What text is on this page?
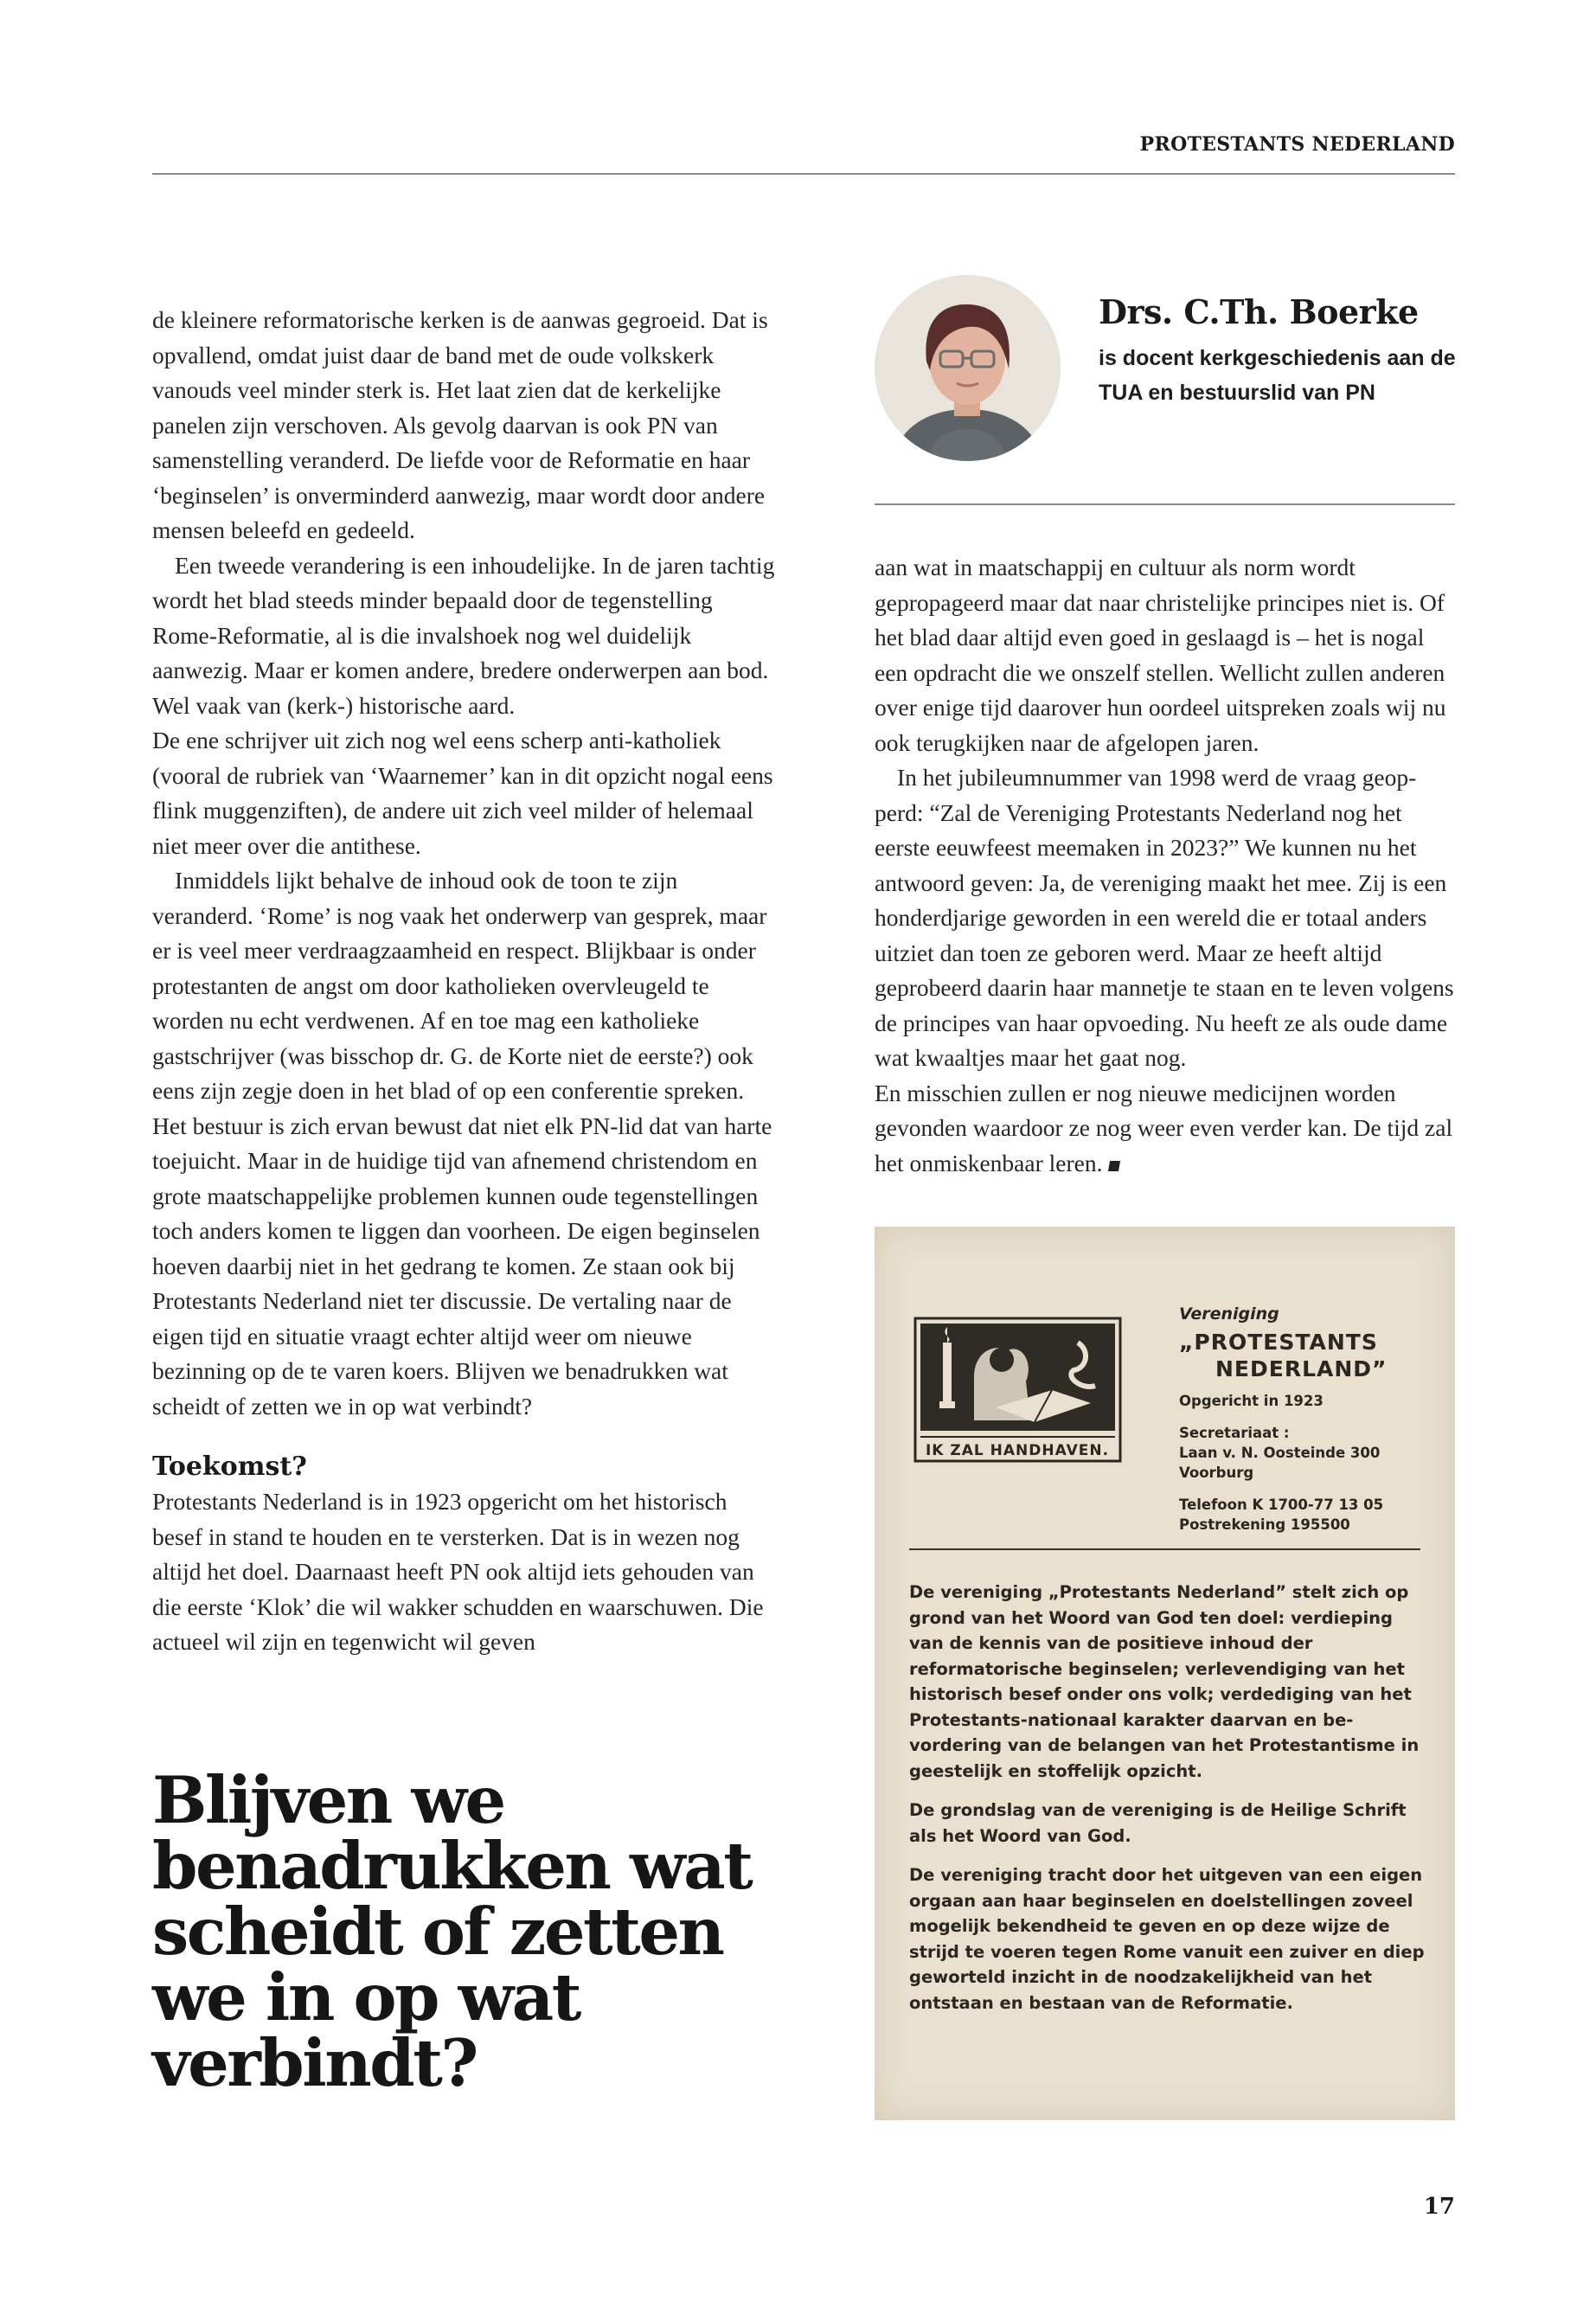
PROTESTANTS NEDERLAND

de kleinere reformatorische kerken is de aanwas gegroeid. Dat is opvallend, omdat juist daar de band met de oude volkskerk vanouds veel minder sterk is. Het laat zien dat de kerkelijke panelen zijn verschoven. Als gevolg daarvan is ook PN van samenstelling veranderd. De liefde voor de Reformatie en haar ‘beginselen’ is onverminderd aanwezig, maar wordt door andere mensen beleefd en gedeeld.

Een tweede verandering is een inhoudelijke. In de jaren tachtig wordt het blad steeds minder bepaald door de tegenstelling Rome-Reformatie, al is die invalshoek nog wel duidelijk aanwezig. Maar er komen andere, bredere onderwerpen aan bod. Wel vaak van (kerk-) historische aard.

De ene schrijver uit zich nog wel eens scherp anti-katholiek (vooral de rubriek van ‘Waarnemer’ kan in dit opzicht nogal eens flink muggenziften), de andere uit zich veel milder of helemaal niet meer over die antithese.

Inmiddels lijkt behalve de inhoud ook de toon te zijn veranderd. ‘Rome’ is nog vaak het onderwerp van gesprek, maar er is veel meer verdraagzaamheid en respect. Blijkbaar is onder protestanten de angst om door katholieken overvleugeld te worden nu echt verdwenen. Af en toe mag een katholieke gastschrijver (was bisschop dr. G. de Korte niet de eerste?) ook eens zijn zegje doen in het blad of op een conferentie spreken. Het bestuur is zich ervan bewust dat niet elk PN-lid dat van harte toejuicht. Maar in de huidige tijd van afnemend christendom en grote maatschappelijke problemen kunnen oude tegenstellingen toch anders komen te liggen dan voorheen. De eigen beginselen hoeven daarbij niet in het gedrang te komen. Ze staan ook bij Protestants Nederland niet ter discussie. De vertaling naar de eigen tijd en situatie vraagt echter altijd weer om nieuwe bezinning op de te varen koers. Blijven we benadrukken wat scheidt of zetten we in op wat verbindt?

Toekomst?

Protestants Nederland is in 1923 opgericht om het historisch besef in stand te houden en te versterken. Dat is in wezen nog altijd het doel. Daarnaast heeft PN ook altijd iets gehouden van die eerste ‘Klok’ die wil wakker schudden en waarschuwen. Die actueel wil zijn en tegenwicht wil geven

Blijven we benadrukken wat scheidt of zetten we in op wat verbindt?
Drs. C.Th. Boerke
is docent kerkgeschiedenis aan de TUA en bestuurslid van PN

aan wat in maatschappij en cultuur als norm wordt gepropageerd maar dat naar christelijke principes niet is. Of het blad daar altijd even goed in geslaagd is – het is nogal een opdracht die we onszelf stellen. Wellicht zullen anderen over enige tijd daarover hun oordeel uitspreken zoals wij nu ook terugkijken naar de afgelopen jaren.

In het jubileumnummer van 1998 werd de vraag geopperd: “Zal de Vereniging Protestants Nederland nog het eerste eeuwfeest meemaken in 2023?” We kunnen nu het antwoord geven: Ja, de vereniging maakt het mee. Zij is een honderdjarige geworden in een wereld die er totaal anders uitziet dan toen ze geboren werd. Maar ze heeft altijd geprobeerd daarin haar mannetje te staan en te leven volgens de principes van haar opvoeding. Nu heeft ze als oude dame wat kwaaltjes maar het gaat nog.

En misschien zullen er nog nieuwe medicijnen worden gevonden waardoor ze nog weer even verder kan. De tijd zal het onmiskenbaar leren.

IK ZAL HANDHAVEN.
Vereniging
„PROTESTANTS
NEDERLAND”
Opgericht in 1923
Secretariaat :
Laan v. N. Oosteinde 300
Voorburg
Telefoon K 1700-77 13 05
Postrekening 195500

De vereniging „Protestants Nederland” stelt zich op grond van het Woord van God ten doel: verdieping van de kennis van de positieve inhoud der reformatorische beginselen; verlevendiging van het historisch besef onder ons volk; verdediging van het Protestants-nationaal karakter daarvan en bevordering van de belangen van het Protestantisme in geestelijk en stoffelijk opzicht.

De grondslag van de vereniging is de Heilige Schrift als het Woord van God.

De vereniging tracht door het uitgeven van een eigen orgaan aan haar beginselen en doelstellingen zoveel mogelijk bekendheid te geven en op deze wijze de strijd te voeren tegen Rome vanuit een zuiver en diep geworteld inzicht in de noodzakelijkheid van het ontstaan en bestaan van de Reformatie.

17
